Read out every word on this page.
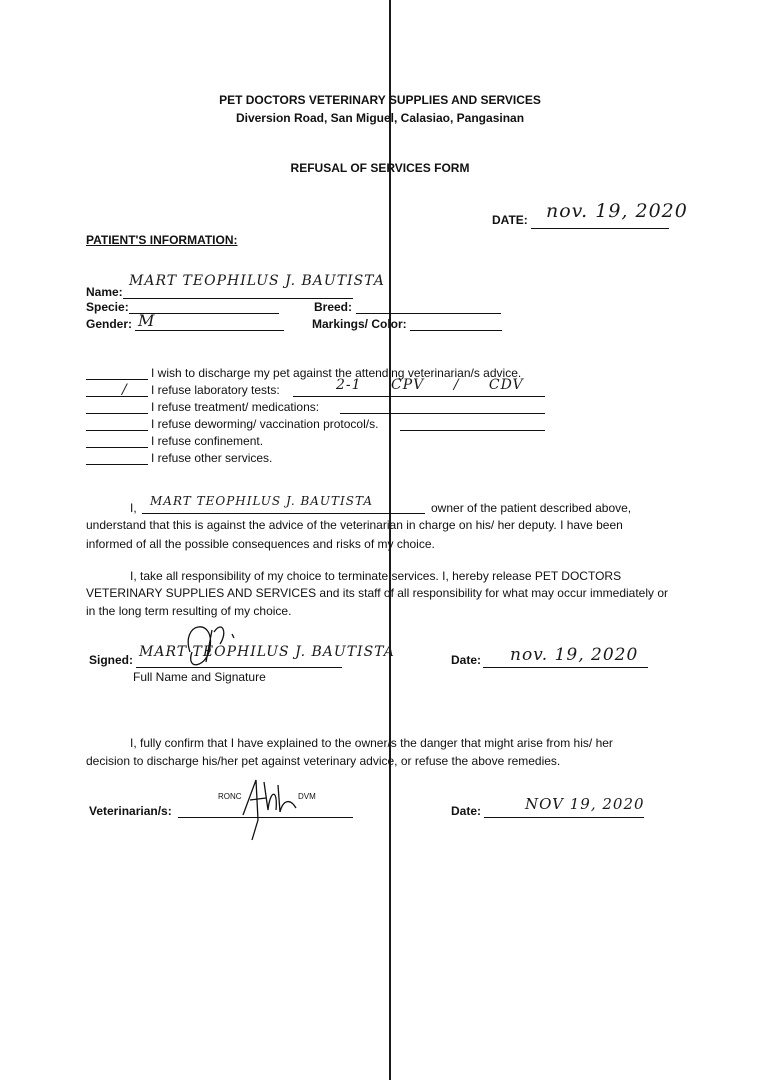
PET DOCTORS VETERINARY SUPPLIES AND SERVICES
Diversion Road, San Miguel, Calasiao, Pangasinan
REFUSAL OF SERVICES FORM
DATE: nov. 19, 2020
PATIENT'S INFORMATION:
Name:
MART TEOPHILUS J. BAUTISTA
Specie:	Breed:
Gender: M	Markings/ Color:
I wish to discharge my pet against the attending veterinarian/s advice.
/ I refuse laboratory tests:	2-1 CPV / CDV
I refuse treatment/ medications:
I refuse deworming/ vaccination protocol/s.
I refuse confinement.
I refuse other services.
I, MART TEOPHILUS J. BAUTISTA	owner of the patient described above,
understand that this is against the advice of the veterinarian in charge on his/ her deputy. I have been
informed of all the possible consequences and risks of my choice.
I, take all responsibility of my choice to terminate services. I, hereby release PET DOCTORS
VETERINARY SUPPLIES AND SERVICES and its staff of all responsibility for what may occur immediately or
in the long term resulting of my choice.
Signed: MART TEOPHILUS J. BAUTISTA
Full Name and Signature
Date: nov. 19, 2020
I, fully confirm that I have explained to the owner/s the danger that might arise from his/ her
decision to discharge his/her pet against veterinary advice, or refuse the above remedies.
Veterinarian/s:
RONC	DVM
Date:	NOV 19, 2020
